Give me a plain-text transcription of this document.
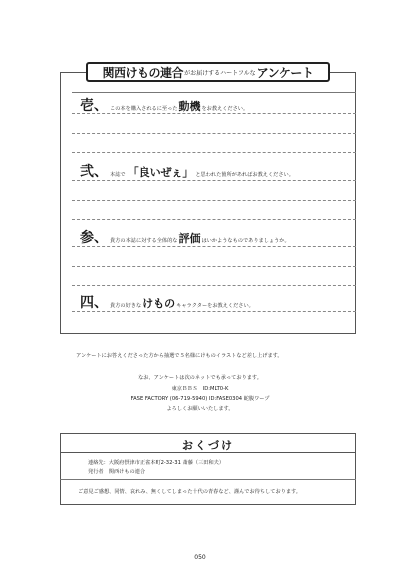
関西けもの連合 がお届けするハートフルな アンケート
壱、 この本を購入されるに至った 動機 をお教えください。
弐、 本誌で 「良いぜぇ」 と思われた箇所があればお教えください。
参、 貴方の本誌に対する全体的な 評価 はいかようなものでありましょうか。
四、 貴方の好きな けもの キャラクターをお教えください。
アンケートにお答えくださった方から抽選で５名様にけものイラストなど差し上げます。
なお、アンケートは次のネットでも承っております。
東京ＢＢＳ　ID:MLT0-K
FASE FACTORY (06-719-5940) ID:FASE0304 蛇腹ワープ
よろしくお願いいたします。
おくづけ
連絡先：大阪府摂津市正雀本町2-32-31 斎藤（三田和夫）
発行者　関西けもの連合
ご意見ご感想、同情、哀れみ、無くしてしまった十代の青春など、謹んでお待ちしております。
050
